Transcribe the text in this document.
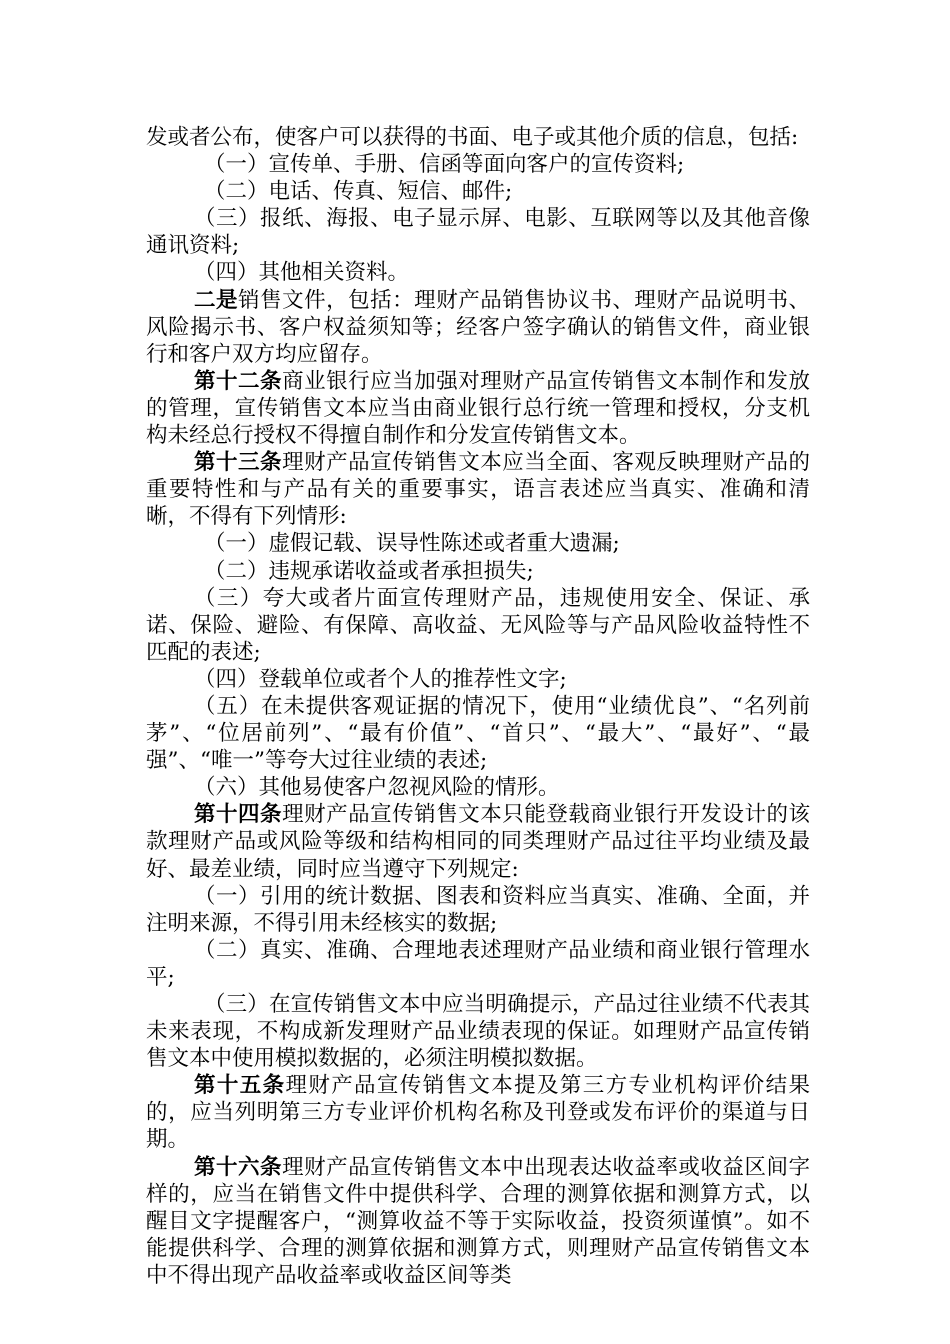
发或者公布，使客户可以获得的书面、电子或其他介质的信息，包括:

（一）宣传单、手册、信函等面向客户的宣传资料;

（二）电话、传真、短信、邮件;

（三）报纸、海报、电子显示屏、电影、互联网等以及其他音像通讯资料;

（四）其他相关资料。

二是销售文件，包括：理财产品销售协议书、理财产品说明书、风险揭示书、客户权益须知等；经客户签字确认的销售文件，商业银行和客户双方均应留存。

第十二条商业银行应当加强对理财产品宣传销售文本制作和发放的管理，宣传销售文本应当由商业银行总行统一管理和授权，分支机构未经总行授权不得擅自制作和分发宣传销售文本。

第十三条理财产品宣传销售文本应当全面、客观反映理财产品的重要特性和与产品有关的重要事实，语言表述应当真实、准确和清晰，不得有下列情形:

（一）虚假记载、误导性陈述或者重大遗漏;

（二）违规承诺收益或者承担损失;

（三）夸大或者片面宣传理财产品，违规使用安全、保证、承诺、保险、避险、有保障、高收益、无风险等与产品风险收益特性不匹配的表述;

（四）登载单位或者个人的推荐性文字;

（五）在未提供客观证据的情况下，使用“业绩优良”、“名列前茅”、“位居前列”、“最有价值”、“首只”、“最大”、“最好”、“最强”、“唯一”等夸大过往业绩的表述;

（六）其他易使客户忽视风险的情形。

第十四条理财产品宣传销售文本只能登载商业银行开发设计的该款理财产品或风险等级和结构相同的同类理财产品过往平均业绩及最好、最差业绩，同时应当遵守下列规定:

（一）引用的统计数据、图表和资料应当真实、准确、全面，并注明来源，不得引用未经核实的数据;

（二）真实、准确、合理地表述理财产品业绩和商业银行管理水平;

（三）在宣传销售文本中应当明确提示，产品过往业绩不代表其未来表现，不构成新发理财产品业绩表现的保证。如理财产品宣传销售文本中使用模拟数据的，必须注明模拟数据。

第十五条理财产品宣传销售文本提及第三方专业机构评价结果的，应当列明第三方专业评价机构名称及刊登或发布评价的渠道与日期。

第十六条理财产品宣传销售文本中出现表达收益率或收益区间字样的，应当在销售文件中提供科学、合理的测算依据和测算方式，以醒目文字提醒客户，“测算收益不等于实际收益，投资须谨慎”。如不能提供科学、合理的测算依据和测算方式，则理财产品宣传销售文本中不得出现产品收益率或收益区间等类
